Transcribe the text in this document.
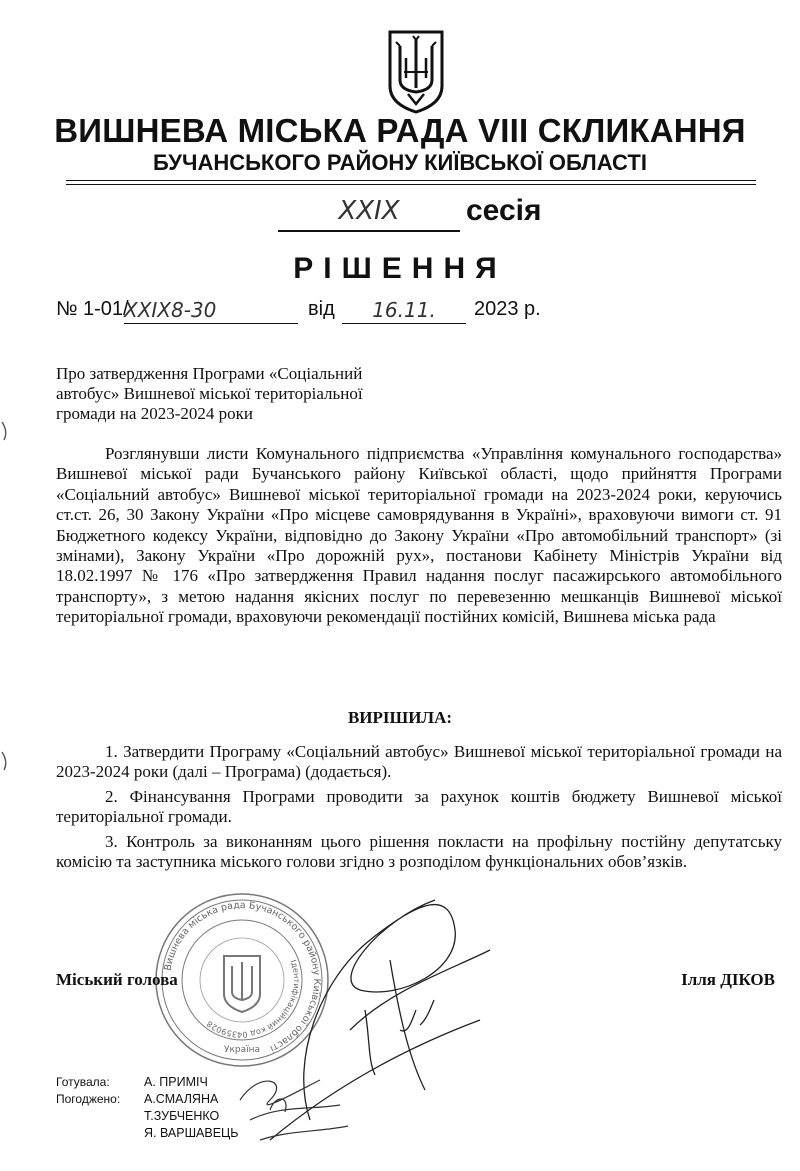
ВИШНЕВА МІСЬКА РАДА VIII СКЛИКАННЯ
БУЧАНСЬКОГО РАЙОНУ КИЇВСЬКОЇ ОБЛАСТІ
XXIX	сесія
РІШЕННЯ
№ 1-01/
XXIX8-30	від	16.11.	2023 р.
Про затвердження Програми «Соціальний автобус» Вишневої міської територіальної громади на 2023-2024 роки

Розглянувши листи Комунального підприємства «Управління комунального господарства» Вишневої міської ради Бучанського району Київської області, щодо прийняття Програми «Соціальний автобус» Вишневої міської територіальної громади на 2023-2024 роки, керуючись ст.ст. 26, 30 Закону України «Про місцеве самоврядування в Україні», враховуючи вимоги ст. 91 Бюджетного кодексу України, відповідно до Закону України «Про автомобільний транспорт» (зі змінами), Закону України «Про дорожній рух», постанови Кабінету Міністрів України від 18.02.1997 № 176 «Про затвердження Правил надання послуг пасажирського автомобільного транспорту», з метою надання якісних послуг по перевезенню мешканців Вишневої міської територіальної громади, враховуючи рекомендації постійних комісій, Вишнева міська рада

ВИРІШИЛА:

1. Затвердити Програму «Соціальний автобус» Вишневої міської територіальної громади на 2023-2024 роки (далі – Програма) (додається).

2. Фінансування Програми проводити за рахунок коштів бюджету Вишневої міської територіальної громади.

3. Контроль за виконанням цього рішення покласти на профільну постійну депутатську комісію та заступника міського голови згідно з розподілом функціональних обов’язків.

Вишнева міська рада Бучанського району Київської області
Ідентифікаційний код 04359028
Україна
Міський голова	Ілля ДІКОВ
Готувала:	А. ПРИМІЧ
Погоджено: А.СМАЛЯНА
Т.ЗУБЧЕНКО
Я. ВАРШАВЕЦЬ
